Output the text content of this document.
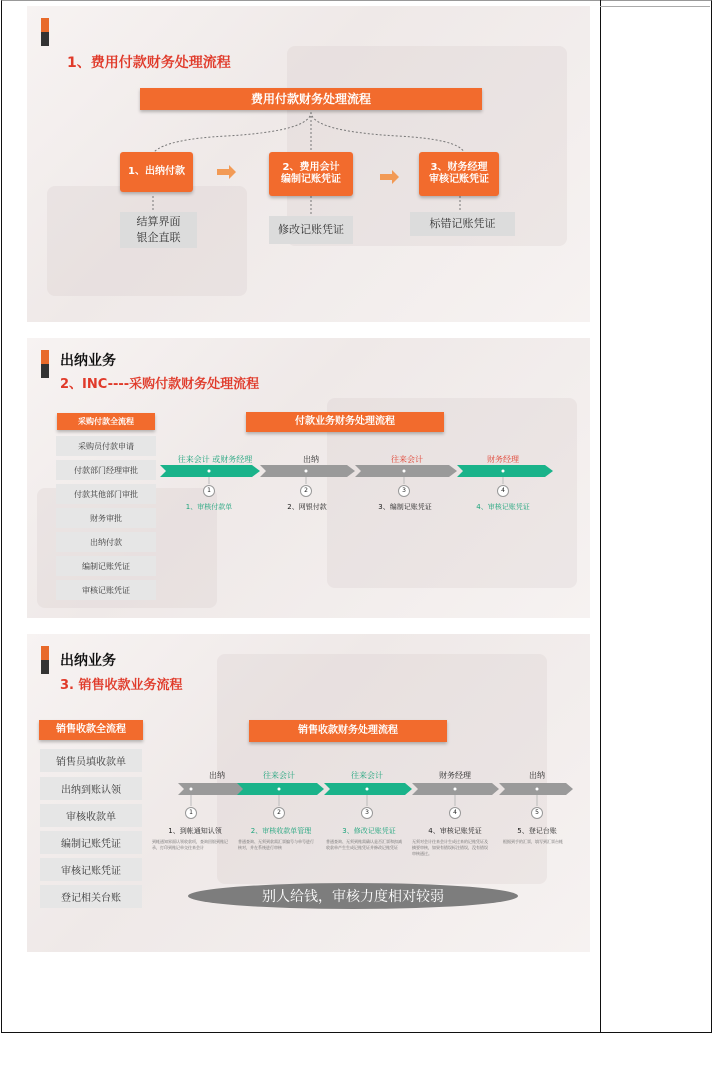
1、费用付款财务处理流程
费用付款财务处理流程
1、出纳付款	2、费用会计
编制记账凭证
3、财务经理
审核记账凭证
结算界面
银企直联
修改记账凭证	标错记账凭证
出纳业务
2、INC----采购付款财务处理流程
采购付款全流程
采购员付款申请
付款部门经理审批
付款其他部门审批
财务审批
出纳付款
编制记账凭证
审核记账凭证
付款业务财务处理流程
往来会计 或财务经理	出纳	往来会计	财务经理
1	2	3	4
1、审核付款单	2、网银付款	3、编制记账凭证	4、审核记账凭证
出纳业务
3. 销售收款业务流程
销售收款全流程
销售员填收款单
出纳到账认领
审核收款单
编制记账凭证
审核记账凭证
登记相关台账
销售收款财务处理流程
出纳	往来会计	往来会计	财务经理	出纳
1	2	3	4	5
1、到帐通知认领	2、审核收款单管理	3、修改记账凭证	4、审核记账凭证	5、登记台账
到帐通知界面认领收款项，查询回银到账记录，打印到账记单交往来会计
普通查询、无须到款需汇票编号与单号进行核对，并在系统进行审核
普通查询、无须到账需确认是否汇票和扣减收款单产生生成记账凭证并修改记账凭证
无须对会计往来会计生成过来的记账凭证及摘要审核，如果有错误标注错误，没有错误审核通过。
根据到手的汇票，填写到汇票台帐
别人给钱，审核力度相对较弱
